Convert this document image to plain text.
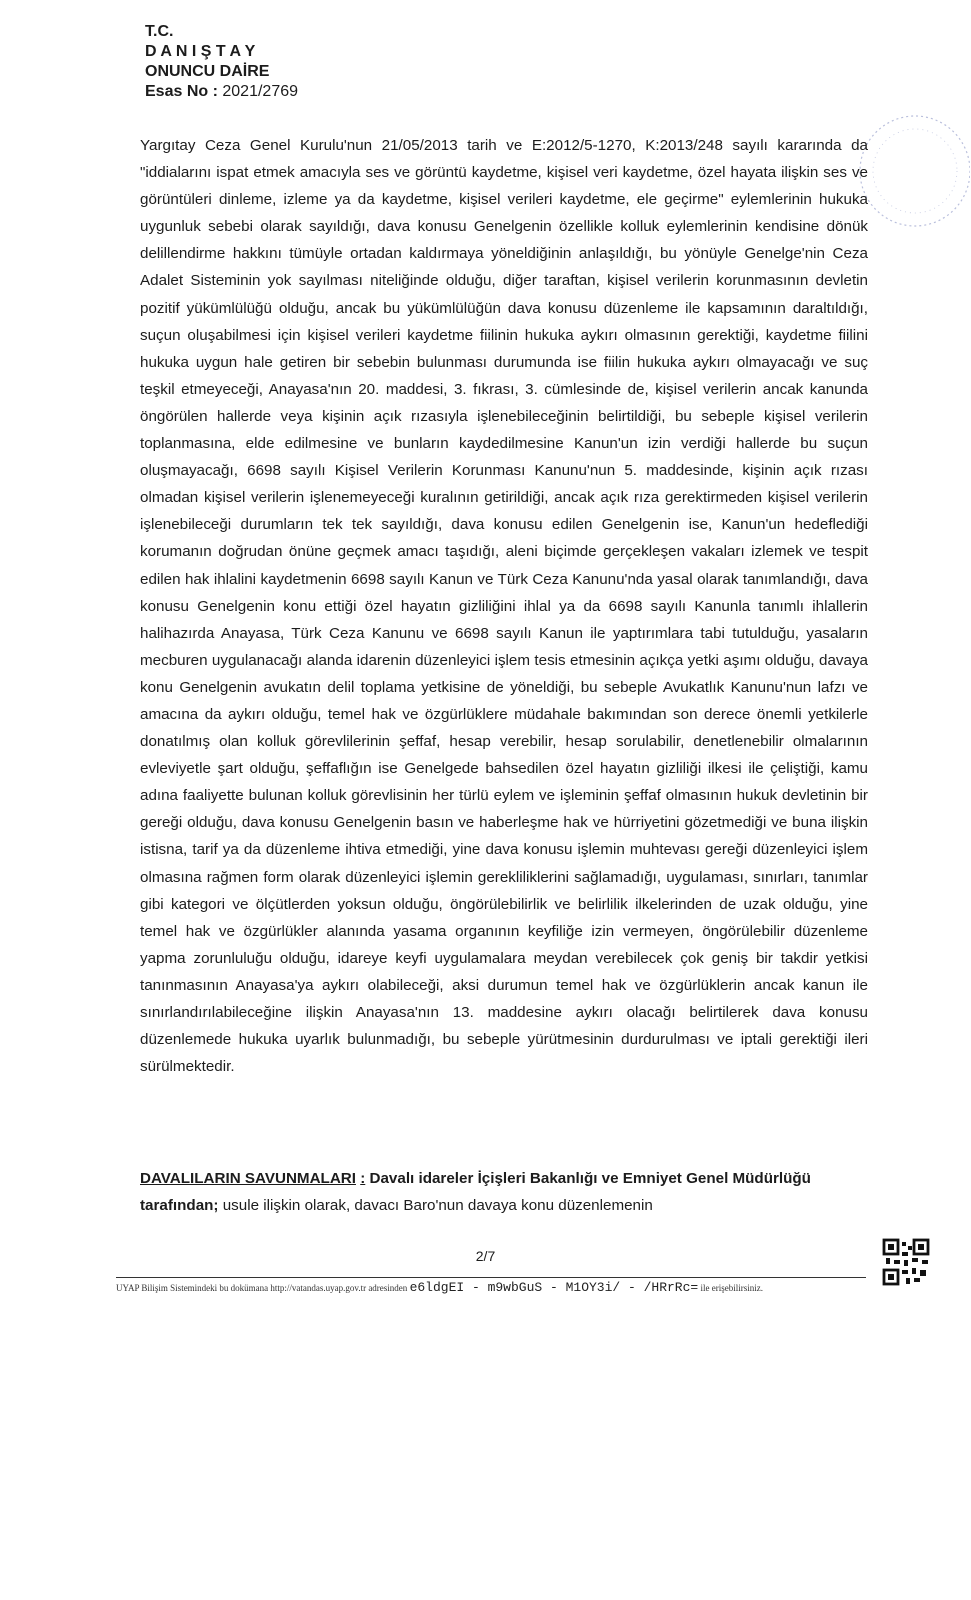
T.C.
D A N I Ş T A Y
ONUNCU DAİRE
Esas No : 2021/2769

Yargıtay Ceza Genel Kurulu'nun 21/05/2013 tarih ve E:2012/5-1270, K:2013/248 sayılı kararında da "iddialarını ispat etmek amacıyla ses ve görüntü kaydetme, kişisel veri kaydetme, özel hayata ilişkin ses ve görüntüleri dinleme, izleme ya da kaydetme, kişisel verileri kaydetme, ele geçirme" eylemlerinin hukuka uygunluk sebebi olarak sayıldığı, dava konusu Genelgenin özellikle kolluk eylemlerinin kendisine dönük delillendirme hakkını tümüyle ortadan kaldırmaya yöneldiğinin anlaşıldığı, bu yönüyle Genelge'nin Ceza Adalet Sisteminin yok sayılması niteliğinde olduğu, diğer taraftan, kişisel verilerin korunmasının devletin pozitif yükümlülüğü olduğu, ancak bu yükümlülüğün dava konusu düzenleme ile kapsamının daraltıldığı, suçun oluşabilmesi için kişisel verileri kaydetme fiilinin hukuka aykırı olmasının gerektiği, kaydetme fiilini hukuka uygun hale getiren bir sebebin bulunması durumunda ise fiilin hukuka aykırı olmayacağı ve suç teşkil etmeyeceği, Anayasa'nın 20. maddesi, 3. fıkrası, 3. cümlesinde de, kişisel verilerin ancak kanunda öngörülen hallerde veya kişinin açık rızasıyla işlenebileceğinin belirtildiği, bu sebeple kişisel verilerin toplanmasına, elde edilmesine ve bunların kaydedilmesine Kanun'un izin verdiği hallerde bu suçun oluşmayacağı, 6698 sayılı Kişisel Verilerin Korunması Kanunu'nun 5. maddesinde, kişinin açık rızası olmadan kişisel verilerin işlenemeyeceği kuralının getirildiği, ancak açık rıza gerektirmeden kişisel verilerin işlenebileceği durumların tek tek sayıldığı, dava konusu edilen Genelgenin ise, Kanun'un hedeflediği korumanın doğrudan önüne geçmek amacı taşıdığı, aleni biçimde gerçekleşen vakaları izlemek ve tespit edilen hak ihlalini kaydetmenin 6698 sayılı Kanun ve Türk Ceza Kanunu'nda yasal olarak tanımlandığı, dava konusu Genelgenin konu ettiği özel hayatın gizliliğini ihlal ya da 6698 sayılı Kanunla tanımlı ihlallerin halihazırda Anayasa, Türk Ceza Kanunu ve 6698 sayılı Kanun ile yaptırımlara tabi tutulduğu, yasaların mecburen uygulanacağı alanda idarenin düzenleyici işlem tesis etmesinin açıkça yetki aşımı olduğu, davaya konu Genelgenin avukatın delil toplama yetkisine de yöneldiği, bu sebeple Avukatlık Kanunu'nun lafzı ve amacına da aykırı olduğu, temel hak ve özgürlüklere müdahale bakımından son derece önemli yetkilerle donatılmış olan kolluk görevlilerinin şeffaf, hesap verebilir, hesap sorulabilir, denetlenebilir olmalarının evleviyetle şart olduğu, şeffaflığın ise Genelgede bahsedilen özel hayatın gizliliği ilkesi ile çeliştiği, kamu adına faaliyette bulunan kolluk görevlisinin her türlü eylem ve işleminin şeffaf olmasının hukuk devletinin bir gereği olduğu, dava konusu Genelgenin basın ve haberleşme hak ve hürriyetini gözetmediği ve buna ilişkin istisna, tarif ya da düzenleme ihtiva etmediği, yine dava konusu işlemin muhtevası gereği düzenleyici işlem olmasına rağmen form olarak düzenleyici işlemin gerekliliklerini sağlamadığı, uygulaması, sınırları, tanımlar gibi kategori ve ölçütlerden yoksun olduğu, öngörülebilirlik ve belirlilik ilkelerinden de uzak olduğu, yine temel hak ve özgürlükler alanında yasama organının keyfiliğe izin vermeyen, öngörülebilir düzenleme yapma zorunluluğu olduğu, idareye keyfi uygulamalara meydan verebilecek çok geniş bir takdir yetkisi tanınmasının Anayasa'ya aykırı olabileceği, aksi durumun temel hak ve özgürlüklerin ancak kanun ile sınırlandırılabileceğine ilişkin Anayasa'nın 13. maddesine aykırı olacağı belirtilerek dava konusu düzenlemede hukuka uyarlık bulunmadığı, bu sebeple yürütmesinin durdurulması ve iptali gerektiği ileri sürülmektedir.

DAVALILARIN SAVUNMALARI : Davalı idareler İçişleri Bakanlığı ve Emniyet Genel Müdürlüğü tarafından; usule ilişkin olarak, davacı Baro'nun davaya konu düzenlemenin
2/7
UYAP Bilişim Sistemindeki bu dokümana http://vatandas.uyap.gov.tr adresinden e6ldgEI - m9wbGuS - M1OY3i/ - /HRrRc= ile erişebilirsiniz.
